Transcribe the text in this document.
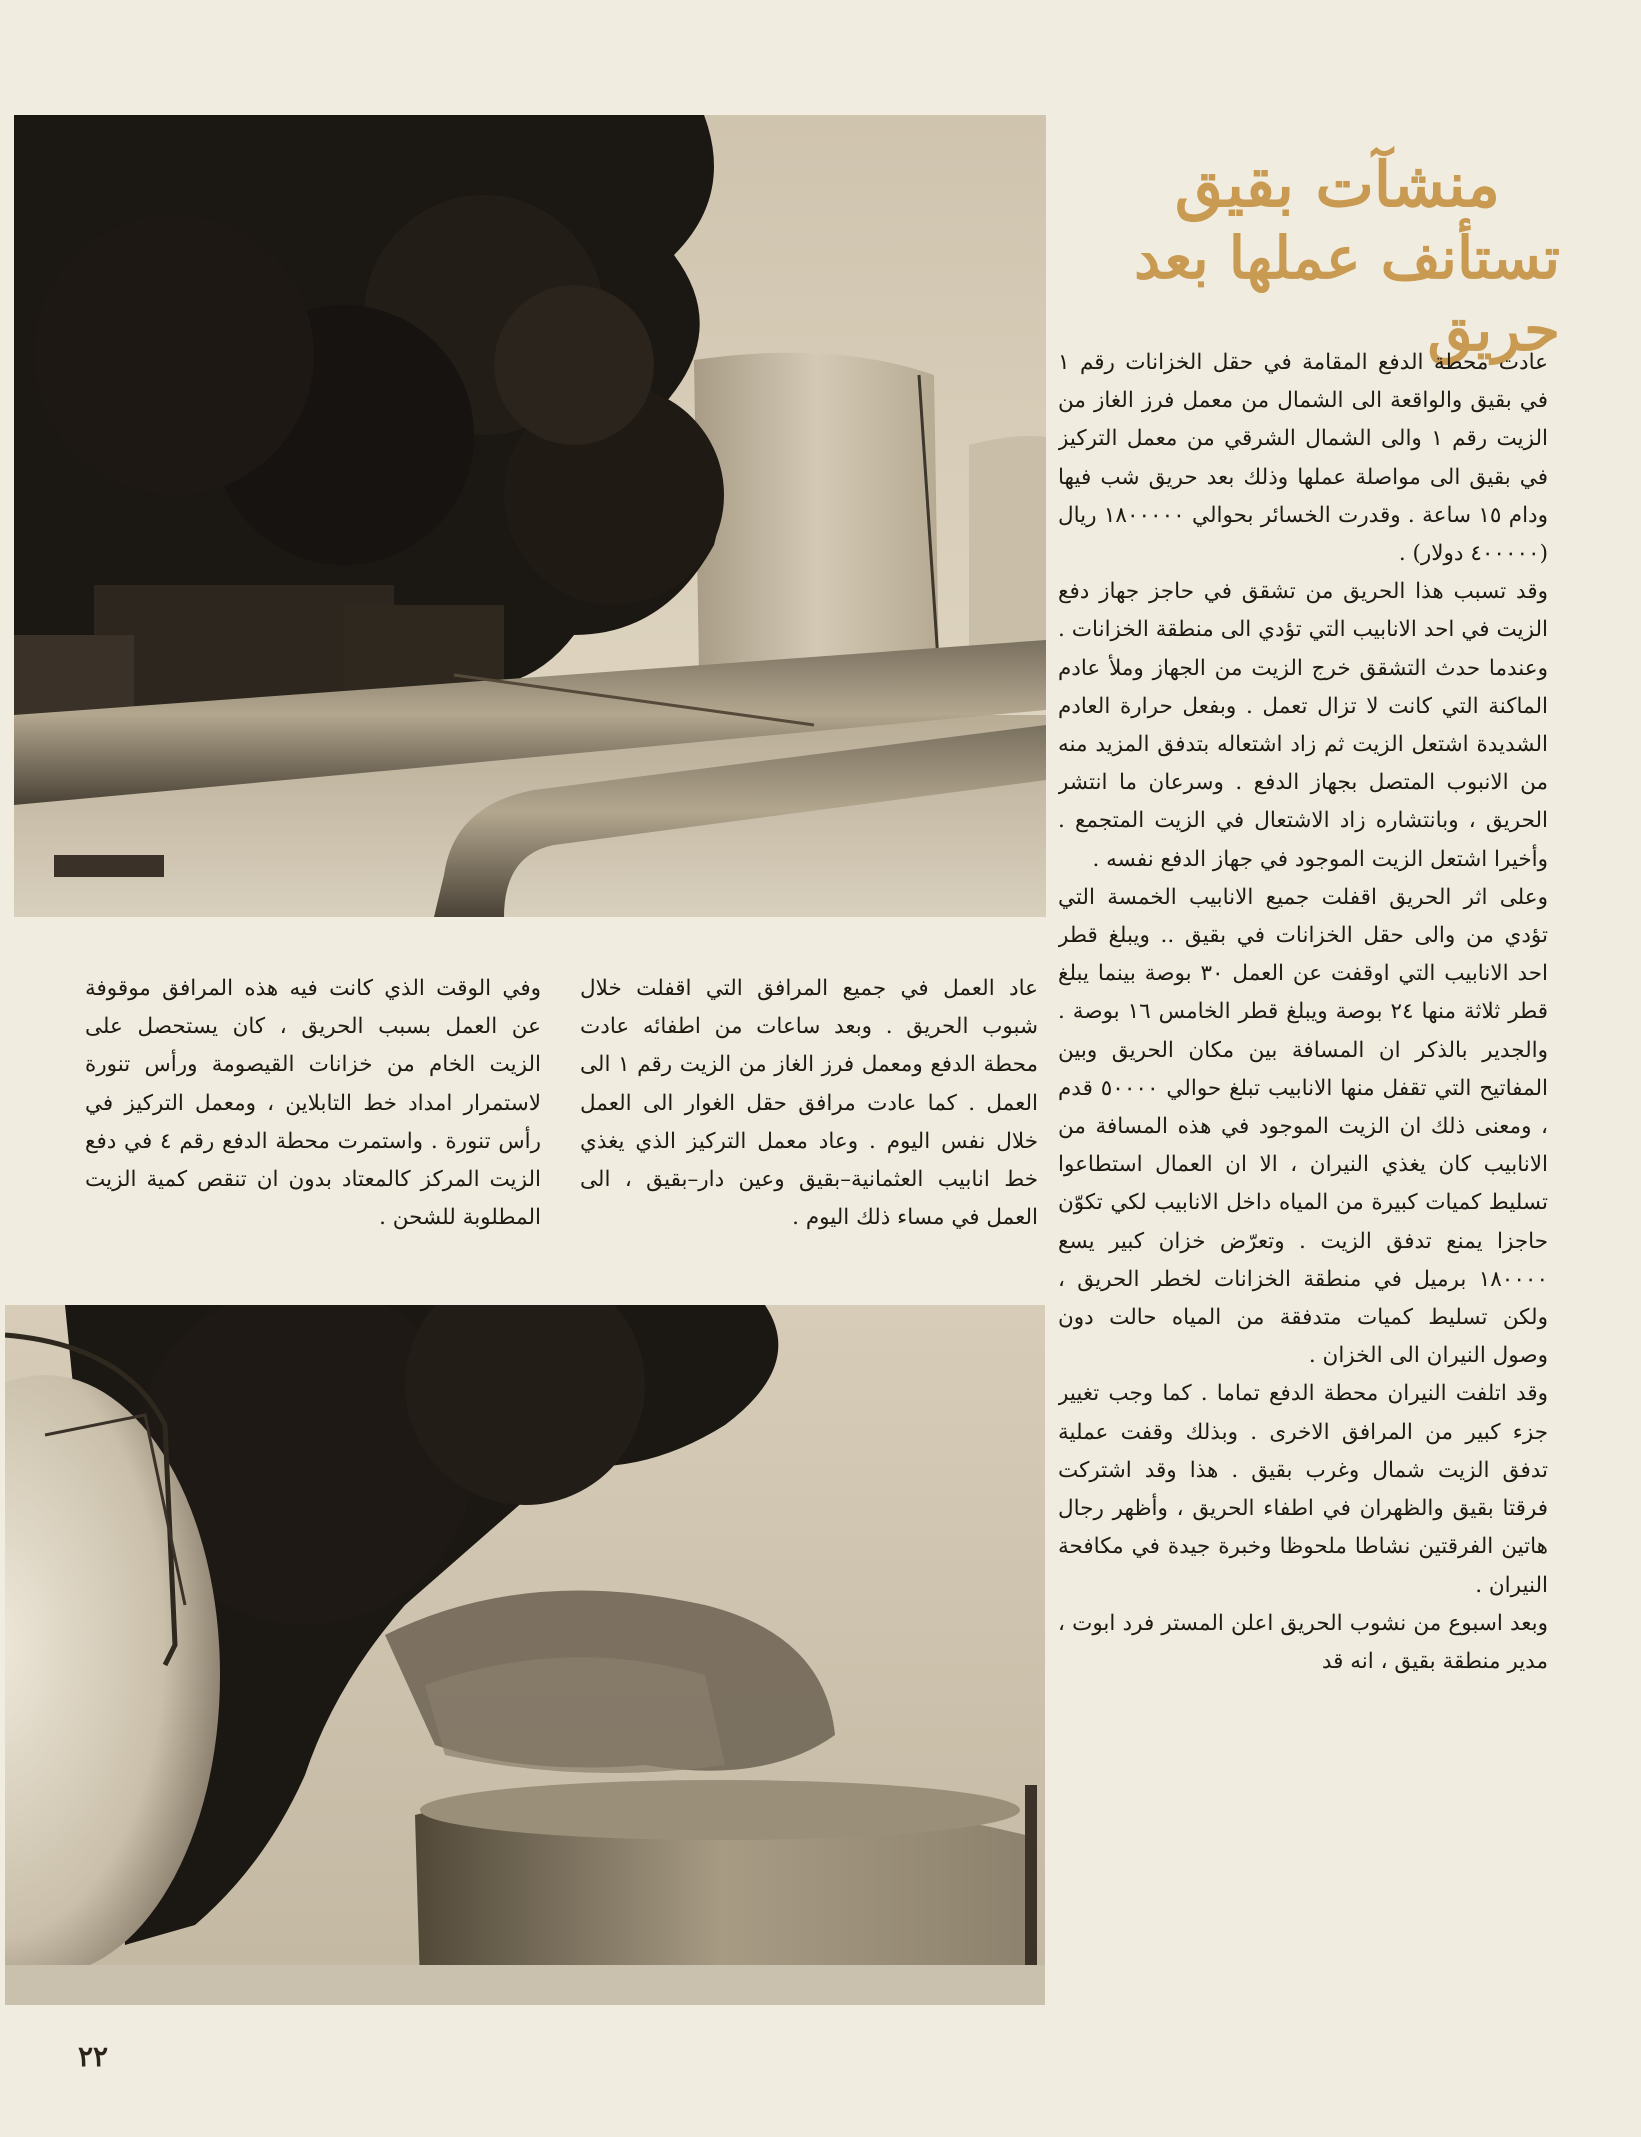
منشآت بقيق
تستأنف عملها بعد حريق

عادت محطة الدفع المقامة في حقل الخزانات رقم ١ في بقيق والواقعة الى الشمال من معمل فرز الغاز من الزيت رقم ١ والى الشمال الشرقي من معمل التركيز في بقيق الى مواصلة عملها وذلك بعد حريق شب فيها ودام ١٥ ساعة . وقدرت الخسائر بحوالي ١٨٠٠٠٠٠ ريال (٤٠٠٠٠٠ دولار) .

وقد تسبب هذا الحريق من تشقق في حاجز جهاز دفع الزيت في احد الانابيب التي تؤدي الى منطقة الخزانات . وعندما حدث التشقق خرج الزيت من الجهاز وملأ عادم الماكنة التي كانت لا تزال تعمل . وبفعل حرارة العادم الشديدة اشتعل الزيت ثم زاد اشتعاله بتدفق المزيد منه من الانبوب المتصل بجهاز الدفع . وسرعان ما انتشر الحريق ، وبانتشاره زاد الاشتعال في الزيت المتجمع . وأخيرا اشتعل الزيت الموجود في جهاز الدفع نفسه .

وعلى اثر الحريق اقفلت جميع الانابيب الخمسة التي تؤدي من والى حقل الخزانات في بقيق .. ويبلغ قطر احد الانابيب التي اوقفت عن العمل ٣٠ بوصة بينما يبلغ قطر ثلاثة منها ٢٤ بوصة ويبلغ قطر الخامس ١٦ بوصة . والجدير بالذكر ان المسافة بين مكان الحريق وبين المفاتيح التي تقفل منها الانابيب تبلغ حوالي ٥٠٠٠٠ قدم ، ومعنى ذلك ان الزيت الموجود في هذه المسافة من الانابيب كان يغذي النيران ، الا ان العمال استطاعوا تسليط كميات كبيرة من المياه داخل الانابيب لكي تكوّن حاجزا يمنع تدفق الزيت . وتعرّض خزان كبير يسع ١٨٠٠٠٠ برميل في منطقة الخزانات لخطر الحريق ، ولكن تسليط كميات متدفقة من المياه حالت دون وصول النيران الى الخزان .

وقد اتلفت النيران محطة الدفع تماما . كما وجب تغيير جزء كبير من المرافق الاخرى . وبذلك وقفت عملية تدفق الزيت شمال وغرب بقيق . هذا وقد اشتركت فرقتا بقيق والظهران في اطفاء الحريق ، وأظهر رجال هاتين الفرقتين نشاطا ملحوظا وخبرة جيدة في مكافحة النيران .

وبعد اسبوع من نشوب الحريق اعلن المستر فرد ابوت ، مدير منطقة بقيق ، انه قد

عاد العمل في جميع المرافق التي اقفلت خلال شبوب الحريق . وبعد ساعات من اطفائه عادت محطة الدفع ومعمل فرز الغاز من الزيت رقم ١ الى العمل . كما عادت مرافق حقل الغوار الى العمل خلال نفس اليوم . وعاد معمل التركيز الذي يغذي خط انابيب العثمانية–بقيق وعين دار–بقيق ، الى العمل في مساء ذلك اليوم .

وفي الوقت الذي كانت فيه هذه المرافق موقوفة عن العمل بسبب الحريق ، كان يستحصل على الزيت الخام من خزانات القيصومة ورأس تنورة لاستمرار امداد خط التابلاين ، ومعمل التركيز في رأس تنورة . واستمرت محطة الدفع رقم ٤ في دفع الزيت المركز كالمعتاد بدون ان تنقص كمية الزيت المطلوبة للشحن .

٢٢
